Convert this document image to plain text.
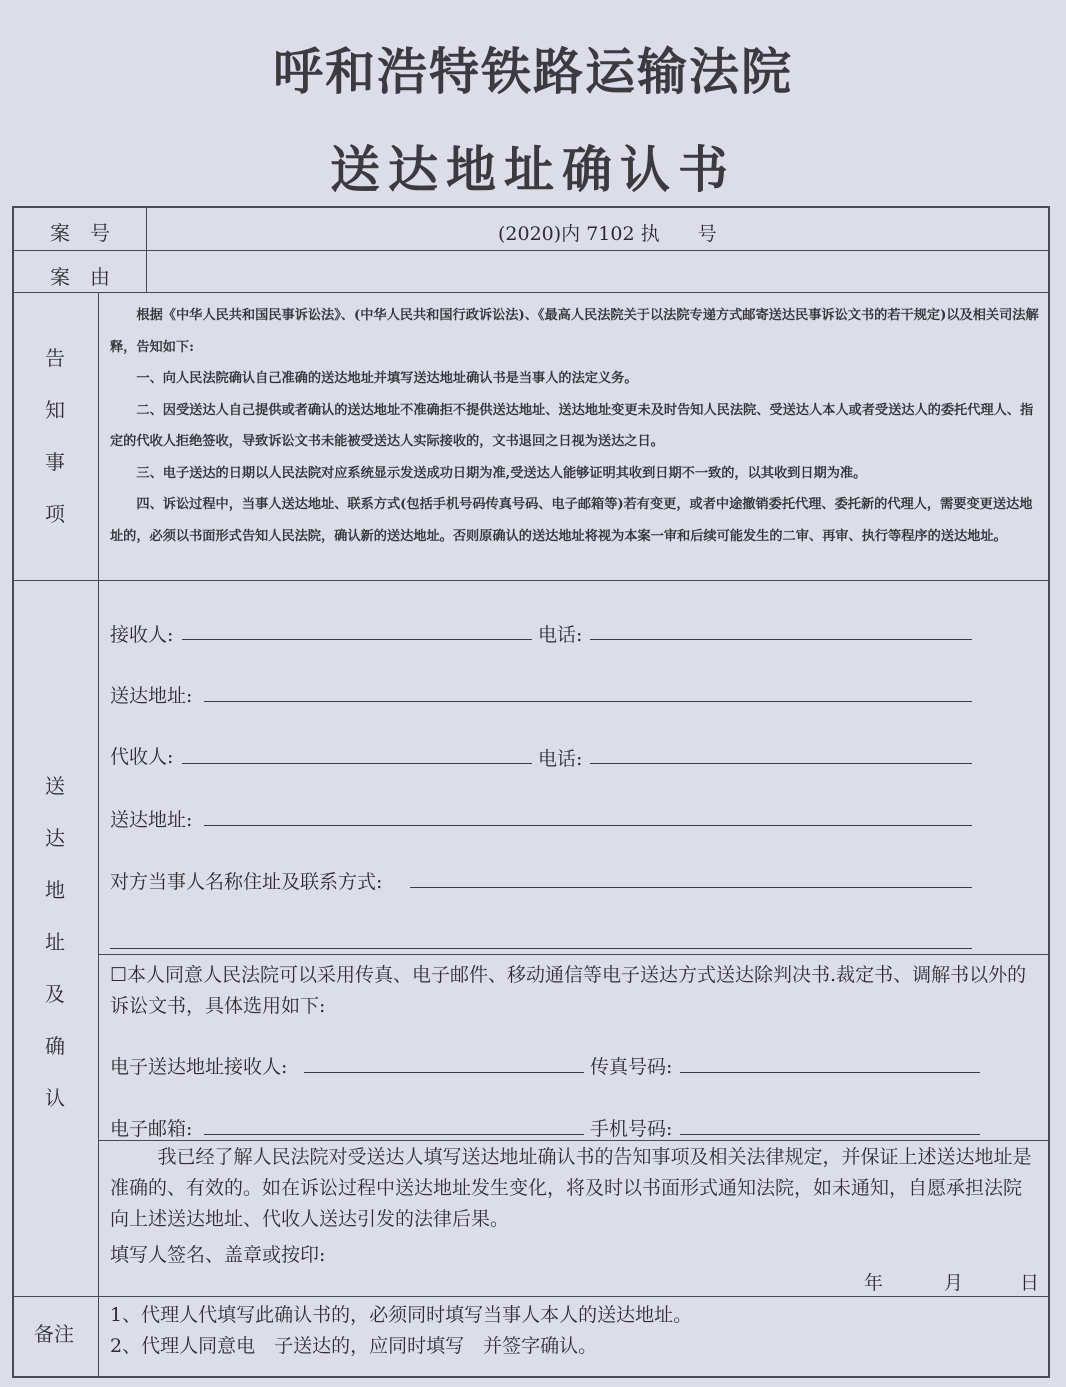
呼和浩特铁路运输法院
送达地址确认书
案　号	(2020)内 7102 执　　号
案　由
告
知
事
项

根据《中华人民共和国民事诉讼法》、(中华人民共和国行政诉讼法)、《最高人民法院关于以法院专递方式邮寄送达民事诉讼文书的若干规定)以及相关司法解释，告知如下:

一、向人民法院确认自己准确的送达地址并填写送达地址确认书是当事人的法定义务。

二、因受送达人自己提供或者确认的送达地址不准确拒不提供送达地址、送达地址变更未及时告知人民法院、受送达人本人或者受送达人的委托代理人、指定的代收人拒绝签收，导致诉讼文书未能被受送达人实际接收的，文书退回之日视为送达之日。

三、电子送达的日期以人民法院对应系统显示发送成功日期为准,受送达人能够证明其收到日期不一致的，以其收到日期为准。

四、诉讼过程中，当事人送达地址、联系方式(包括手机号码传真号码、电子邮箱等)若有变更，或者中途撤销委托代理、委托新的代理人，需要变更送达地址的，必须以书面形式告知人民法院，确认新的送达地址。否则原确认的送达地址将视为本案一审和后续可能发生的二审、再审、执行等程序的送达地址。

送
达
地
址
及
确
认
接收人:	电话:
送达地址:
代收人:	电话:
送达地址:
对方当事人名称住址及联系方式:

☐本人同意人民法院可以采用传真、电子邮件、移动通信等电子送达方式送达除判决书.裁定书、调解书以外的诉讼文书，具体选用如下:

电子送达地址接收人:	传真号码:
电子邮箱:	手机号码:

我已经了解人民法院对受送达人填写送达地址确认书的告知事项及相关法律规定，并保证上述送达地址是准确的、有效的。如在诉讼过程中送达地址发生变化，将及时以书面形式通知法院，如未通知，自愿承担法院向上述送达地址、代收人送达引发的法律后果。

填写人签名、盖章或按印:
年	月	日
备注

1、代理人代填写此确认书的，必须同时填写当事人本人的送达地址。

2、代理人同意电　子送达的，应同时填写　并签字确认。
